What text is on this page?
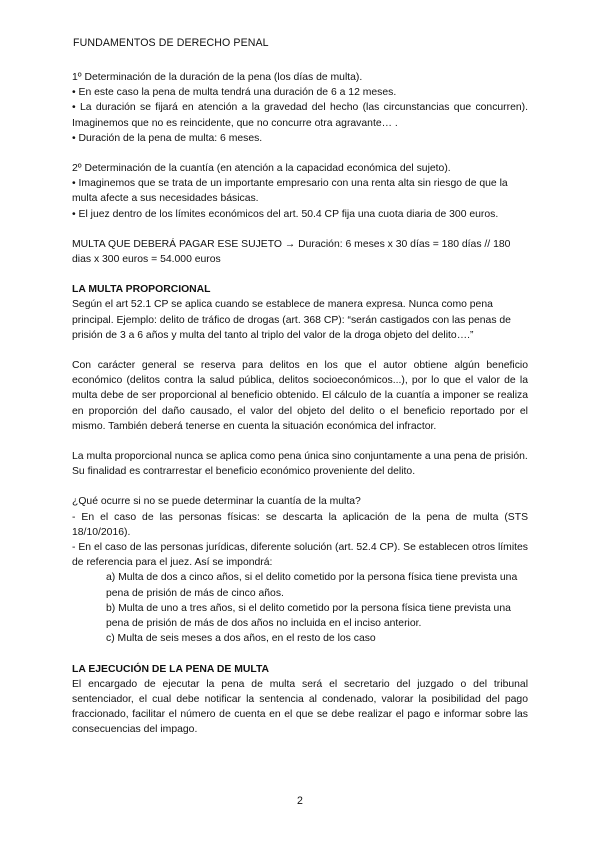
FUNDAMENTOS DE DERECHO PENAL

1º Determinación de la duración de la pena (los días de multa).

• En este caso la pena de multa tendrá una duración de 6 a 12 meses.

• La duración se fijará en atención a la gravedad del hecho (las circunstancias que concurren). Imaginemos que no es reincidente, que no concurre otra agravante… .

• Duración de la pena de multa: 6 meses.

2º Determinación de la cuantía (en atención a la capacidad económica del sujeto).

• Imaginemos que se trata de un importante empresario con una renta alta sin riesgo de que la multa afecte a sus necesidades básicas.

• El juez dentro de los límites económicos del art. 50.4 CP fija una cuota diaria de 300 euros.

MULTA QUE DEBERÁ PAGAR ESE SUJETO → Duración: 6 meses x 30 días = 180 días // 180 dias x 300 euros = 54.000 euros

LA MULTA PROPORCIONAL

Según el art 52.1 CP se aplica cuando se establece de manera expresa. Nunca como pena principal. Ejemplo: delito de tráfico de drogas (art. 368 CP): “serán castigados con las penas de prisión de 3 a 6 años y multa del tanto al triplo del valor de la droga objeto del delito….”

Con carácter general se reserva para delitos en los que el autor obtiene algún beneficio económico (delitos contra la salud pública, delitos socioeconómicos...), por lo que el valor de la multa debe de ser proporcional al beneficio obtenido. El cálculo de la cuantía a imponer se realiza en proporción del daño causado, el valor del objeto del delito o el beneficio reportado por el mismo. También deberá tenerse en cuenta la situación económica del infractor.

La multa proporcional nunca se aplica como pena única sino conjuntamente a una pena de prisión. Su finalidad es contrarrestar el beneficio económico proveniente del delito.

¿Qué ocurre si no se puede determinar la cuantía de la multa?

- En el caso de las personas físicas: se descarta la aplicación de la pena de multa (STS 18/10/2016).

- En el caso de las personas jurídicas, diferente solución (art. 52.4 CP). Se establecen otros límites de referencia para el juez. Así se impondrá:

a) Multa de dos a cinco años, si el delito cometido por la persona física tiene prevista una pena de prisión de más de cinco años.

b) Multa de uno a tres años, si el delito cometido por la persona física tiene prevista una pena de prisión de más de dos años no incluida en el inciso anterior.

c) Multa de seis meses a dos años, en el resto de los caso

LA EJECUCIÓN DE LA PENA DE MULTA

El encargado de ejecutar la pena de multa será el secretario del juzgado o del tribunal sentenciador, el cual debe notificar la sentencia al condenado, valorar la posibilidad del pago fraccionado, facilitar el número de cuenta en el que se debe realizar el pago e informar sobre las consecuencias del impago.

2
